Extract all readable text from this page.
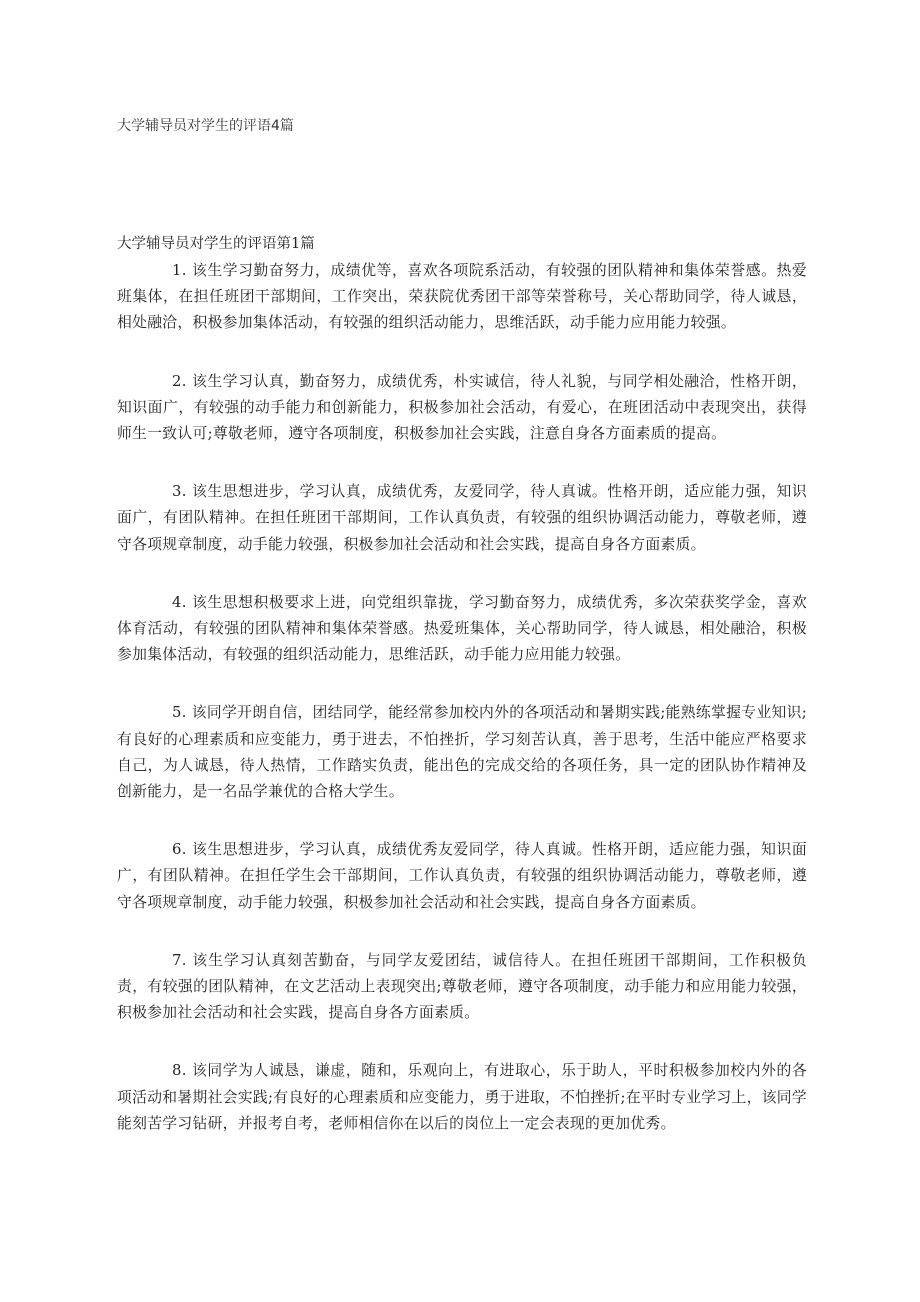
大学辅导员对学生的评语4篇
大学辅导员对学生的评语第1篇

1. 该生学习勤奋努力，成绩优等，喜欢各项院系活动，有较强的团队精神和集体荣誉感。热爱班集体，在担任班团干部期间，工作突出，荣获院优秀团干部等荣誉称号，关心帮助同学，待人诚恳，相处融洽，积极参加集体活动，有较强的组织活动能力，思维活跃，动手能力应用能力较强。

2. 该生学习认真，勤奋努力，成绩优秀，朴实诚信，待人礼貌，与同学相处融洽，性格开朗，知识面广，有较强的动手能力和创新能力，积极参加社会活动，有爱心，在班团活动中表现突出，获得师生一致认可;尊敬老师，遵守各项制度，积极参加社会实践，注意自身各方面素质的提高。

3. 该生思想进步，学习认真，成绩优秀，友爱同学，待人真诚。性格开朗，适应能力强，知识面广，有团队精神。在担任班团干部期间，工作认真负责，有较强的组织协调活动能力，尊敬老师，遵守各项规章制度，动手能力较强，积极参加社会活动和社会实践，提高自身各方面素质。

4. 该生思想积极要求上进，向党组织靠拢，学习勤奋努力，成绩优秀，多次荣获奖学金，喜欢体育活动，有较强的团队精神和集体荣誉感。热爱班集体，关心帮助同学，待人诚恳，相处融洽，积极参加集体活动，有较强的组织活动能力，思维活跃，动手能力应用能力较强。

5. 该同学开朗自信，团结同学，能经常参加校内外的各项活动和暑期实践;能熟练掌握专业知识;有良好的心理素质和应变能力，勇于进去，不怕挫折，学习刻苦认真，善于思考，生活中能应严格要求自己，为人诚恳，待人热情，工作踏实负责，能出色的完成交给的各项任务，具一定的团队协作精神及创新能力，是一名品学兼优的合格大学生。

6. 该生思想进步，学习认真，成绩优秀友爱同学，待人真诚。性格开朗，适应能力强，知识面广，有团队精神。在担任学生会干部期间，工作认真负责，有较强的组织协调活动能力，尊敬老师，遵守各项规章制度，动手能力较强，积极参加社会活动和社会实践，提高自身各方面素质。

7. 该生学习认真刻苦勤奋，与同学友爱团结，诚信待人。在担任班团干部期间，工作积极负责，有较强的团队精神，在文艺活动上表现突出;尊敬老师，遵守各项制度，动手能力和应用能力较强，积极参加社会活动和社会实践，提高自身各方面素质。

8. 该同学为人诚恳，谦虚，随和，乐观向上，有进取心，乐于助人，平时积极参加校内外的各项活动和暑期社会实践;有良好的心理素质和应变能力，勇于进取，不怕挫折;在平时专业学习上，该同学能刻苦学习钻研，并报考自考，老师相信你在以后的岗位上一定会表现的更加优秀。
